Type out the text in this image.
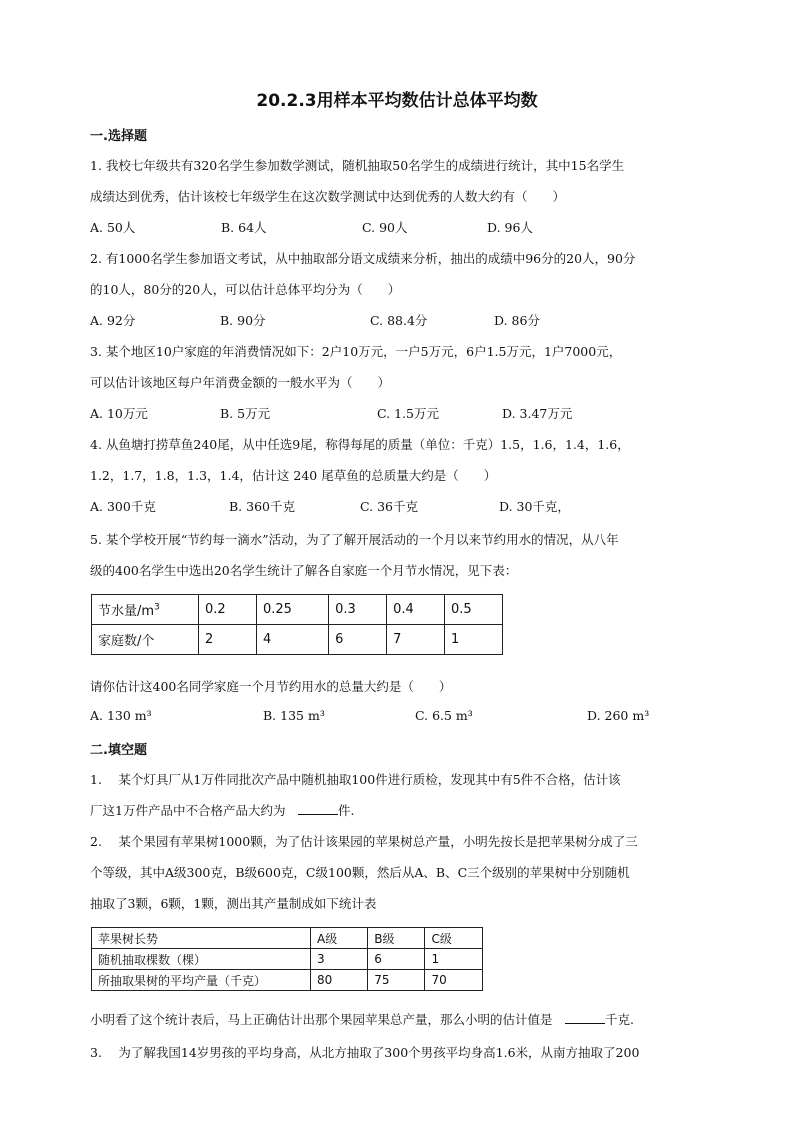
20.2.3用样本平均数估计总体平均数
一.选择题
1. 我校七年级共有320名学生参加数学测试，随机抽取50名学生的成绩进行统计，其中15名学生
成绩达到优秀，估计该校七年级学生在这次数学测试中达到优秀的人数大约有（　　）
A. 50人	B. 64人	C. 90人	D. 96人
2. 有1000名学生参加语文考试，从中抽取部分语文成绩来分析，抽出的成绩中96分的20人，90分
的10人，80分的20人，可以估计总体平均分为（　　）
A. 92分	B. 90分	C. 88.4分	D. 86分
3. 某个地区10户家庭的年消费情况如下：2户10万元，一户5万元，6户1.5万元，1户7000元，
可以估计该地区每户年消费金额的一般水平为（　　）
A. 10万元	B. 5万元	C. 1.5万元	D. 3.47万元
4. 从鱼塘打捞草鱼240尾，从中任选9尾，称得每尾的质量（单位：千克）1.5，1.6，1.4，1.6，
1.2，1.7，1.8，1.3，1.4，估计这 240 尾草鱼的总质量大约是（　　）
A. 300千克	B. 360千克	C. 36千克	D. 30千克，
5. 某个学校开展“节约每一滴水”活动，为了了解开展活动的一个月以来节约用水的情况，从八年
级的400名学生中选出20名学生统计了解各自家庭一个月节水情况，见下表：
节水量$/m^3$	0.2	0.25	0.3	0.4	0.5
家庭数/个	2	4	6	7	1
请你估计这400名同学家庭一个月节约用水的总量大约是（　　）
A. 130 m³	B. 135 m³	C. 6.5 m³	D. 260 m³
二.填空题
1.　 某个灯具厂从1万件同批次产品中随机抽取100件进行质检，发现其中有5件不合格，估计该
厂这1万件产品中不合格产品大约为　	件.
2.　 某个果园有苹果树1000颗，为了估计该果园的苹果树总产量，小明先按长是把苹果树分成了三
个等级，其中A级300克，B级600克，C级100颗，然后从A、B、C三个级别的苹果树中分别随机
抽取了3颗，6颗，1颗，测出其产量制成如下统计表
苹果树长势	A级	B级	C级
随机抽取棵数（棵）	3	6	1
所抽取果树的平均产量（千克）	80	75	70
小明看了这个统计表后，马上正确估计出那个果园苹果总产量，那么小明的估计值是　	千克.
3.　 为了解我国14岁男孩的平均身高，从北方抽取了300个男孩平均身高1.6米，从南方抽取了200
